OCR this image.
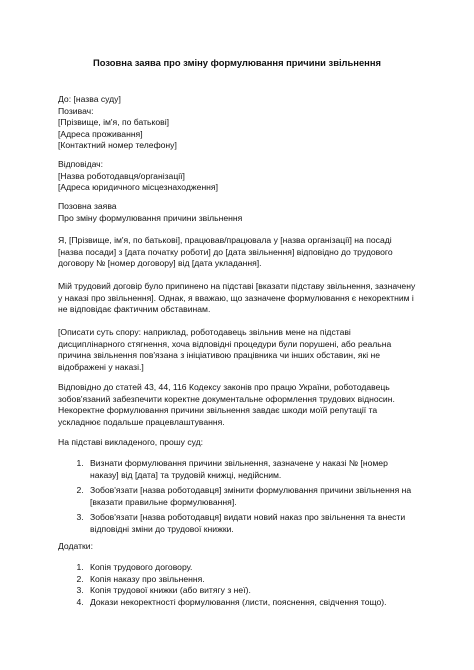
Позовна заява про зміну формулювання причини звільнення
До: [назва суду]
Позивач:
[Прізвище, ім'я, по батькові]
[Адреса проживання]
[Контактний номер телефону]
Відповідач:
[Назва роботодавця/організації]
[Адреса юридичного місцезнаходження]
Позовна заява
Про зміну формулювання причини звільнення
Я, [Прізвище, ім'я, по батькові], працював/працювала у [назва організації] на посаді [назва посади] з [дата початку роботи] до [дата звільнення] відповідно до трудового договору № [номер договору] від [дата укладання].
Мій трудовий договір було припинено на підставі [вказати підставу звільнення, зазначену у наказі про звільнення]. Однак, я вважаю, що зазначене формулювання є некоректним і не відповідає фактичним обставинам.
[Описати суть спору: наприклад, роботодавець звільнив мене на підставі дисциплінарного стягнення, хоча відповідні процедури були порушені, або реальна причина звільнення пов'язана з ініціативою працівника чи інших обставин, які не відображені у наказі.]
Відповідно до статей 43, 44, 116 Кодексу законів про працю України, роботодавець зобов'язаний забезпечити коректне документальне оформлення трудових відносин. Некоректне формулювання причини звільнення завдає шкоди моїй репутації та ускладнює подальше працевлаштування.
На підставі викладеного, прошу суд:
1. Визнати формулювання причини звільнення, зазначене у наказі № [номер наказу] від [дата] та трудовій книжці, недійсним.
2. Зобов'язати [назва роботодавця] змінити формулювання причини звільнення на [вказати правильне формулювання].
3. Зобов'язати [назва роботодавця] видати новий наказ про звільнення та внести відповідні зміни до трудової книжки.
Додатки:
1. Копія трудового договору.
2. Копія наказу про звільнення.
3. Копія трудової книжки (або витягу з неї).
4. Докази некоректності формулювання (листи, пояснення, свідчення тощо).
